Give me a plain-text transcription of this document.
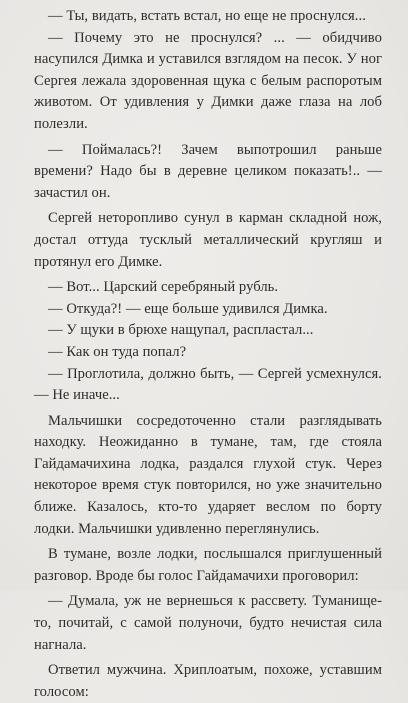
— Ты, видать, встать встал, но еще не проснулся...

— Почему это не проснулся? ... — обидчиво насупился Димка и уставился взглядом на песок. У ног Сергея лежала здоровенная щука с белым распоротым животом. От удивления у Димки даже глаза на лоб полезли.

— Поймалась?! Зачем выпотрошил раньше времени? Надо бы в деревне целиком показать!.. — зачастил он.

Сергей неторопливо сунул в карман складной нож, достал оттуда тусклый металлический кругляш и протянул его Димке.

— Вот... Царский серебряный рубль.

— Откуда?! — еще больше удивился Димка.

— У щуки в брюхе нащупал, распластал...

— Как он туда попал?

— Проглотила, должно быть, — Сергей усмехнулся. — Не иначе...

Мальчишки сосредоточенно стали разглядывать находку. Неожиданно в тумане, там, где стояла Гайдамачихина лодка, раздался глухой стук. Через некоторое время стук повторился, но уже значительно ближе. Казалось, кто-то ударяет веслом по борту лодки. Мальчишки удивленно переглянулись.

В тумане, возле лодки, послышался приглушенный разговор. Вроде бы голос Гайдамачихи проговорил:

— Думала, уж не вернешься к рассвету. Туманище-то, почитай, с самой полуночи, будто нечистая сила нагнала.

Ответил мужчина. Хриплоатым, похоже, уставшим голосом:
